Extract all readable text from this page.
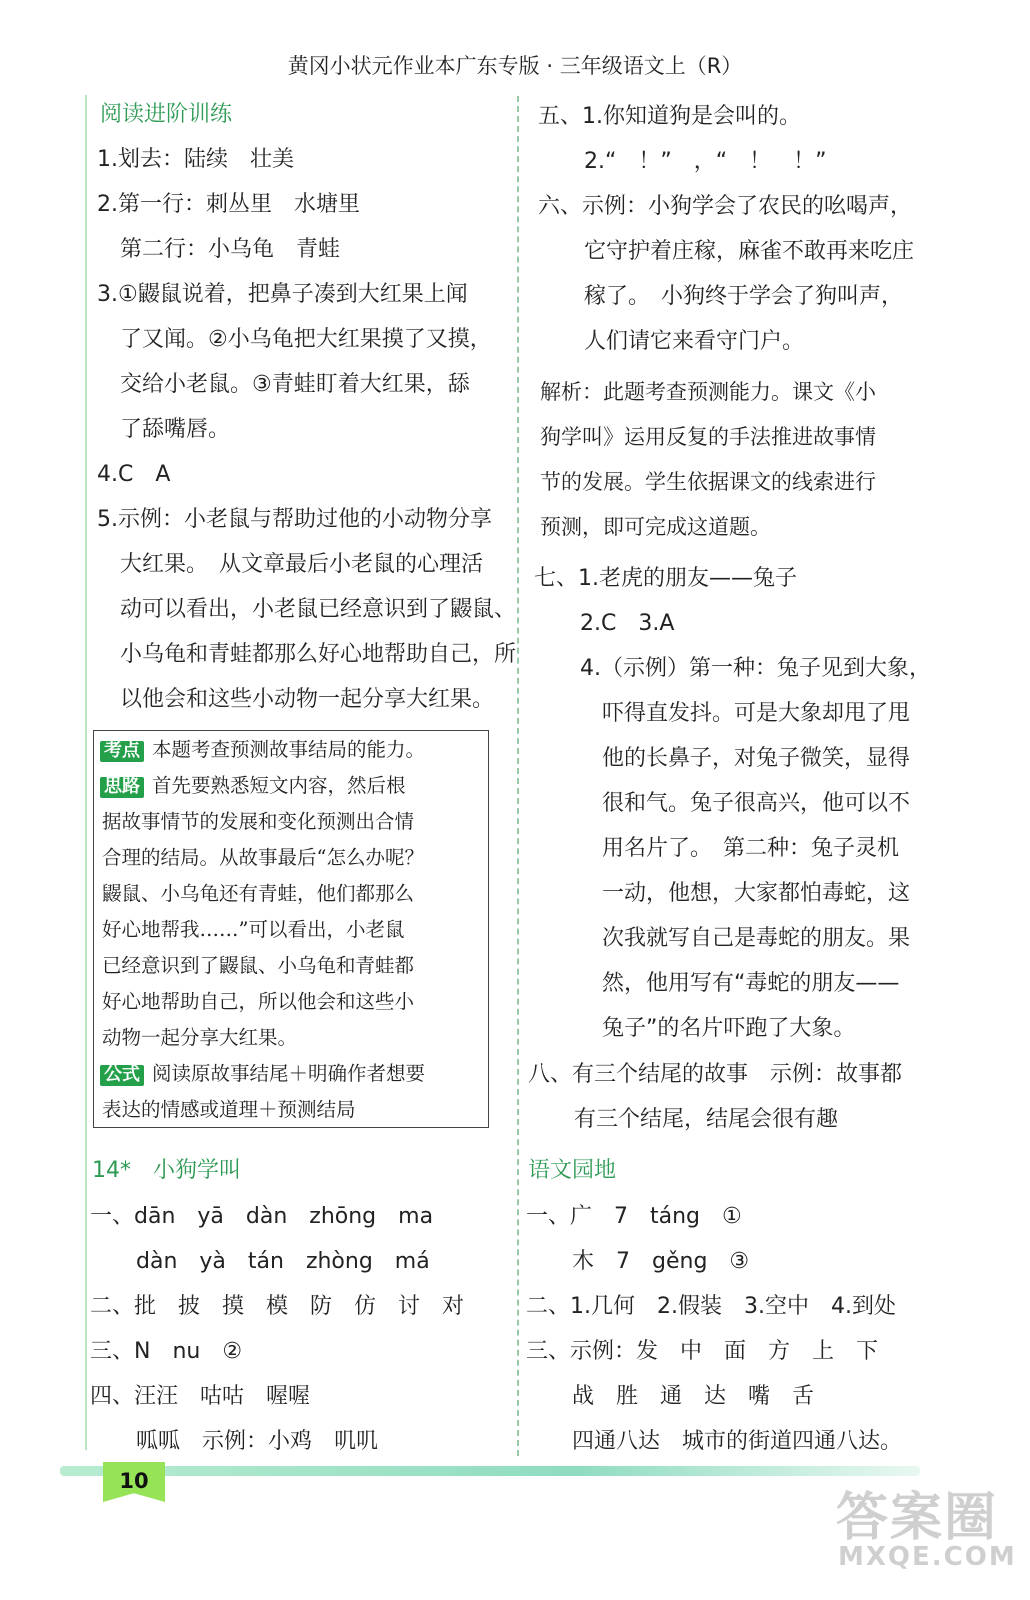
黄冈小状元作业本广东专版 · 三年级语文上（R）
阅读进阶训练
1.划去：陆续　壮美
2.第一行：刺丛里　水塘里
第二行：小乌龟　青蛙
3.①鼹鼠说着，把鼻子凑到大红果上闻
了又闻。②小乌龟把大红果摸了又摸，
交给小老鼠。③青蛙盯着大红果，舔
了舔嘴唇。
4.C　A
5.示例：小老鼠与帮助过他的小动物分享
大红果。　从文章最后小老鼠的心理活
动可以看出，小老鼠已经意识到了鼹鼠、
小乌龟和青蛙都那么好心地帮助自己，所
以他会和这些小动物一起分享大红果。
考点 本题考查预测故事结局的能力。
思路 首先要熟悉短文内容，然后根
据故事情节的发展和变化预测出合情
合理的结局。从故事最后“怎么办呢？
鼹鼠、小乌龟还有青蛙，他们都那么
好心地帮我……”可以看出，小老鼠
已经意识到了鼹鼠、小乌龟和青蛙都
好心地帮助自己，所以他会和这些小
动物一起分享大红果。
公式 阅读原故事结尾＋明确作者想要
表达的情感或道理＋预测结局
14*　小狗学叫
一、dān　yā　dàn　zhōng　ma
dàn　yà　tán　zhòng　má
二、批　披　摸　模　防　仿　讨　对
三、N　nu　②
四、汪汪　咕咕　喔喔
呱呱　示例：小鸡　叽叽
五、1.你知道狗是会叫的。
2.“　！”　，“　！　！”
六、示例：小狗学会了农民的吆喝声，
它守护着庄稼，麻雀不敢再来吃庄
稼了。　小狗终于学会了狗叫声，
人们请它来看守门户。
解析：此题考查预测能力。课文《小
狗学叫》运用反复的手法推进故事情
节的发展。学生依据课文的线索进行
预测，即可完成这道题。
七、1.老虎的朋友——兔子
2.C　3.A
4.（示例）第一种：兔子见到大象，
吓得直发抖。可是大象却甩了甩
他的长鼻子，对兔子微笑，显得
很和气。兔子很高兴，他可以不
用名片了。　第二种：兔子灵机
一动，他想，大家都怕毒蛇，这
次我就写自己是毒蛇的朋友。果
然，他用写有“毒蛇的朋友——
兔子”的名片吓跑了大象。
八、有三个结尾的故事　示例：故事都
有三个结尾，结尾会很有趣
语文园地
一、广　7　táng　①
木　7　gěng　③
二、1.几何　2.假装　3.空中　4.到处
三、示例：发　中　面　方　上　下
战　胜　通　达　嘴　舌
四通八达　城市的街道四通八达。
10
答案圈
MXQE.COM
